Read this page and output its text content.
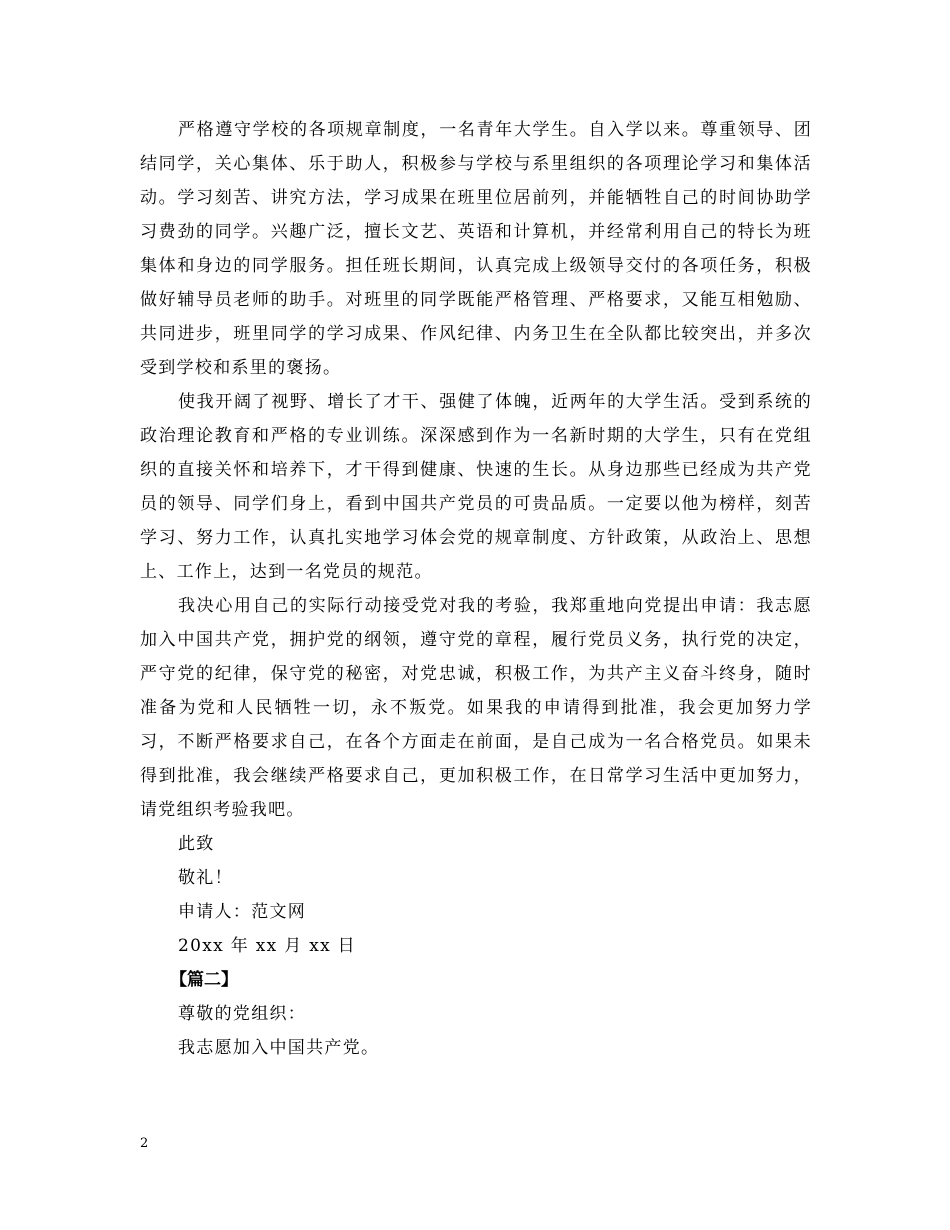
严格遵守学校的各项规章制度，一名青年大学生。自入学以来。尊重领导、团结同学，关心集体、乐于助人，积极参与学校与系里组织的各项理论学习和集体活动。学习刻苦、讲究方法，学习成果在班里位居前列，并能牺牲自己的时间协助学习费劲的同学。兴趣广泛，擅长文艺、英语和计算机，并经常利用自己的特长为班集体和身边的同学服务。担任班长期间，认真完成上级领导交付的各项任务，积极做好辅导员老师的助手。对班里的同学既能严格管理、严格要求，又能互相勉励、共同进步，班里同学的学习成果、作风纪律、内务卫生在全队都比较突出，并多次受到学校和系里的褒扬。

使我开阔了视野、增长了才干、强健了体魄，近两年的大学生活。受到系统的政治理论教育和严格的专业训练。深深感到作为一名新时期的大学生，只有在党组织的直接关怀和培养下，才干得到健康、快速的生长。从身边那些已经成为共产党员的领导、同学们身上，看到中国共产党员的可贵品质。一定要以他为榜样，刻苦学习、努力工作，认真扎实地学习体会党的规章制度、方针政策，从政治上、思想上、工作上，达到一名党员的规范。

我决心用自己的实际行动接受党对我的考验，我郑重地向党提出申请：我志愿加入中国共产党，拥护党的纲领，遵守党的章程，履行党员义务，执行党的决定，严守党的纪律，保守党的秘密，对党忠诚，积极工作，为共产主义奋斗终身，随时准备为党和人民牺牲一切，永不叛党。如果我的申请得到批准，我会更加努力学习，不断严格要求自己，在各个方面走在前面，是自己成为一名合格党员。如果未得到批准，我会继续严格要求自己，更加积极工作，在日常学习生活中更加努力，请党组织考验我吧。

此致

敬礼！

申请人：范文网

20xx 年 xx 月 xx 日

【篇二】

尊敬的党组织：

我志愿加入中国共产党。

2
